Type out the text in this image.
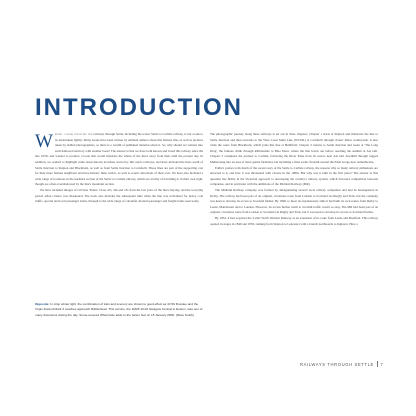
INTRODUCTION

Writing a book involving the railways through Settle, including the iconic Settle to Carlisle railway, is not a task to be undertaken lightly. Many books have been written by eminent authors about this famous line, as well as pictures taken by skilled photographers, so there is a wealth of published material about it. So, why should we venture into such hallowed territory with another book? The answer is that we have both known and loved this railway since the late 1970s and wanted to produce a book that would illustrate the whole of the line's story from their until the present day. In addition, we wanted to highlight some lesser-known locations served by this area's railways, and have included the lines south of Settle Junction to Skipton and Blackburn, as well as from Settle Junction to Carnforth. These lines are part of the supporting cast for their more famous neighbour and have historic links with it, as well as scenic attractions of their own. We have also included a wide range of locations on the northern section of the Settle to Carlisle railway, which are worthy of travelling to in their own right, though are often overshadowed by the line's mountain section.

We have included images of rail blue 'Peaks', Class 47s, 40s and 25s from the last years of the line's heyday, and the worrying period when closure was threatened. The book also includes the subsequent time when the line was revitalised for heavy coal traffic, special and local passenger trains, through to the wide range of colourful, modern passenger and freight trains seen today.

Opposite: In crisp winter light, the combination of train and scenery are shown to good effect as 47/49 Rosslee and the Virgin-liveried Mark 3 coaches approach Ribblehead. This service, the 1M26 10.02 Glasgow Central to Euston, was one of many diversions during the day. Snow-covered Whernside adds to the winter feel on 15 January 2000. (Dave Smith)

The photographic journey along these railways is set out in three chapters. Chapter 1 starts at Skipton and illustrates the line to Settle Junction and then onwards to the West Coast Main Line (WCML) at Carnforth through classic Dales countryside. It also visits the route from Blackburn, which joins this line at Hellifield. Chapter 2 returns to Settle Junction and looks at 'The Long Drag', the famous climb through Ribblesdale to Blea Moor, where the line levels out before reaching the summit at Ais Gill. Chapter 3 completes the journey to Carlisle, following the River Eden from its source near Ais Gill downhill through rugged Mallerstang into an area of more gentle farmland, but including a final scenic flourish around the Eden Gorge near Armathwaite.

Eddie's preface tells much of the recent story of the Settle to Carlisle railway, the reasons why so many railway enthusiasts are attracted to it, and how it was threatened with closure in the 1980s. But why was it built in the first place? The answer to this question lies firmly in the Victorian approach to developing the country's railway system, which favoured competition between companies, and in particular with the ambitions of the Midland Railway (MR).

The Midland Railway company was formed by amalgamating several local railway companies and had its headquarters in Derby. The railway had been part of an original, circuitous route from London to Scotland via Rugby and York, but the company was keen to develop its access to Scotland further. By 1866, to meet its expansionary aims it had built its own routes from Derby to Leeds, Manchester and to London. However, its access further north to Scottish traffic wasn't so easy. The MR had been part of an original, circuitous route from London to Scotland via Rugby and York, but it was keen to develop its access to Scotland further.

By 1852, it had acquired the 'Little' North Western Railway as an extension of its route from Leeds and Bradford. This railway opened in stages in 1849 and 1850, running from Skipton to Lancaster with a branch northwards to Ingleton. Here a

RAILWAYS THROUGH SETTLE 7
